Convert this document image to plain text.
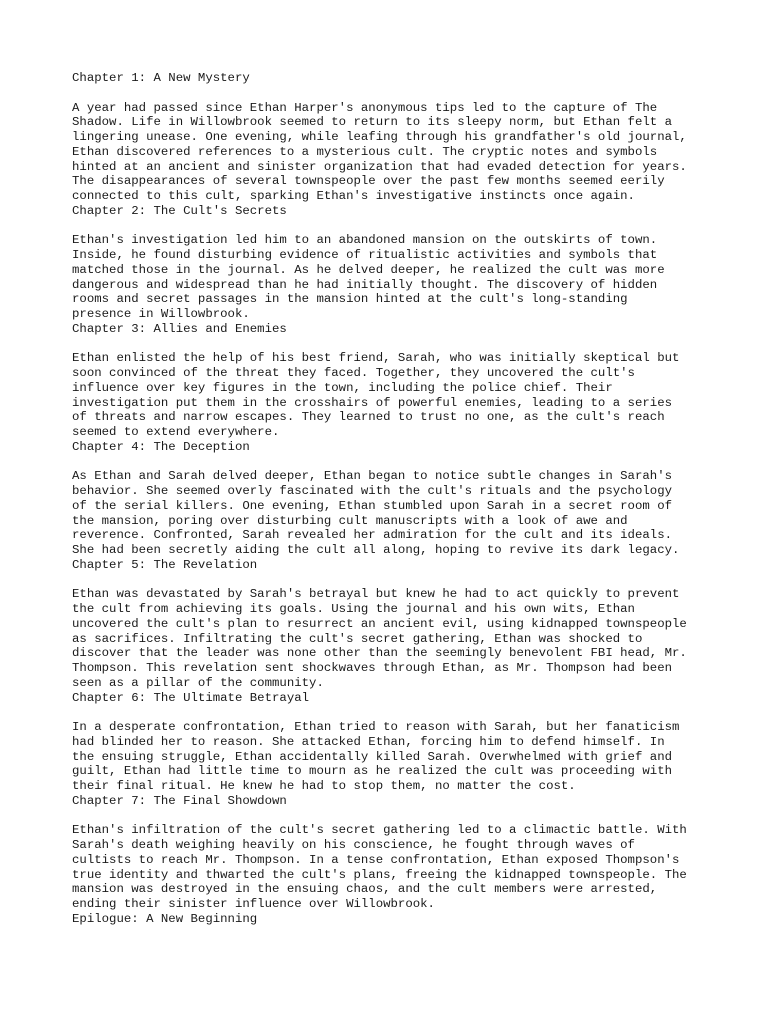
Chapter 1: A New Mystery
A year had passed since Ethan Harper's anonymous tips led to the capture of The
Shadow. Life in Willowbrook seemed to return to its sleepy norm, but Ethan felt a
lingering unease. One evening, while leafing through his grandfather's old journal,
Ethan discovered references to a mysterious cult. The cryptic notes and symbols
hinted at an ancient and sinister organization that had evaded detection for years.
The disappearances of several townspeople over the past few months seemed eerily
connected to this cult, sparking Ethan's investigative instincts once again.
Chapter 2: The Cult's Secrets
Ethan's investigation led him to an abandoned mansion on the outskirts of town.
Inside, he found disturbing evidence of ritualistic activities and symbols that
matched those in the journal. As he delved deeper, he realized the cult was more
dangerous and widespread than he had initially thought. The discovery of hidden
rooms and secret passages in the mansion hinted at the cult's long-standing
presence in Willowbrook.
Chapter 3: Allies and Enemies
Ethan enlisted the help of his best friend, Sarah, who was initially skeptical but
soon convinced of the threat they faced. Together, they uncovered the cult's
influence over key figures in the town, including the police chief. Their
investigation put them in the crosshairs of powerful enemies, leading to a series
of threats and narrow escapes. They learned to trust no one, as the cult's reach
seemed to extend everywhere.
Chapter 4: The Deception
As Ethan and Sarah delved deeper, Ethan began to notice subtle changes in Sarah's
behavior. She seemed overly fascinated with the cult's rituals and the psychology
of the serial killers. One evening, Ethan stumbled upon Sarah in a secret room of
the mansion, poring over disturbing cult manuscripts with a look of awe and
reverence. Confronted, Sarah revealed her admiration for the cult and its ideals.
She had been secretly aiding the cult all along, hoping to revive its dark legacy.
Chapter 5: The Revelation
Ethan was devastated by Sarah's betrayal but knew he had to act quickly to prevent
the cult from achieving its goals. Using the journal and his own wits, Ethan
uncovered the cult's plan to resurrect an ancient evil, using kidnapped townspeople
as sacrifices. Infiltrating the cult's secret gathering, Ethan was shocked to
discover that the leader was none other than the seemingly benevolent FBI head, Mr.
Thompson. This revelation sent shockwaves through Ethan, as Mr. Thompson had been
seen as a pillar of the community.
Chapter 6: The Ultimate Betrayal
In a desperate confrontation, Ethan tried to reason with Sarah, but her fanaticism
had blinded her to reason. She attacked Ethan, forcing him to defend himself. In
the ensuing struggle, Ethan accidentally killed Sarah. Overwhelmed with grief and
guilt, Ethan had little time to mourn as he realized the cult was proceeding with
their final ritual. He knew he had to stop them, no matter the cost.
Chapter 7: The Final Showdown
Ethan's infiltration of the cult's secret gathering led to a climactic battle. With
Sarah's death weighing heavily on his conscience, he fought through waves of
cultists to reach Mr. Thompson. In a tense confrontation, Ethan exposed Thompson's
true identity and thwarted the cult's plans, freeing the kidnapped townspeople. The
mansion was destroyed in the ensuing chaos, and the cult members were arrested,
ending their sinister influence over Willowbrook.
Epilogue: A New Beginning
